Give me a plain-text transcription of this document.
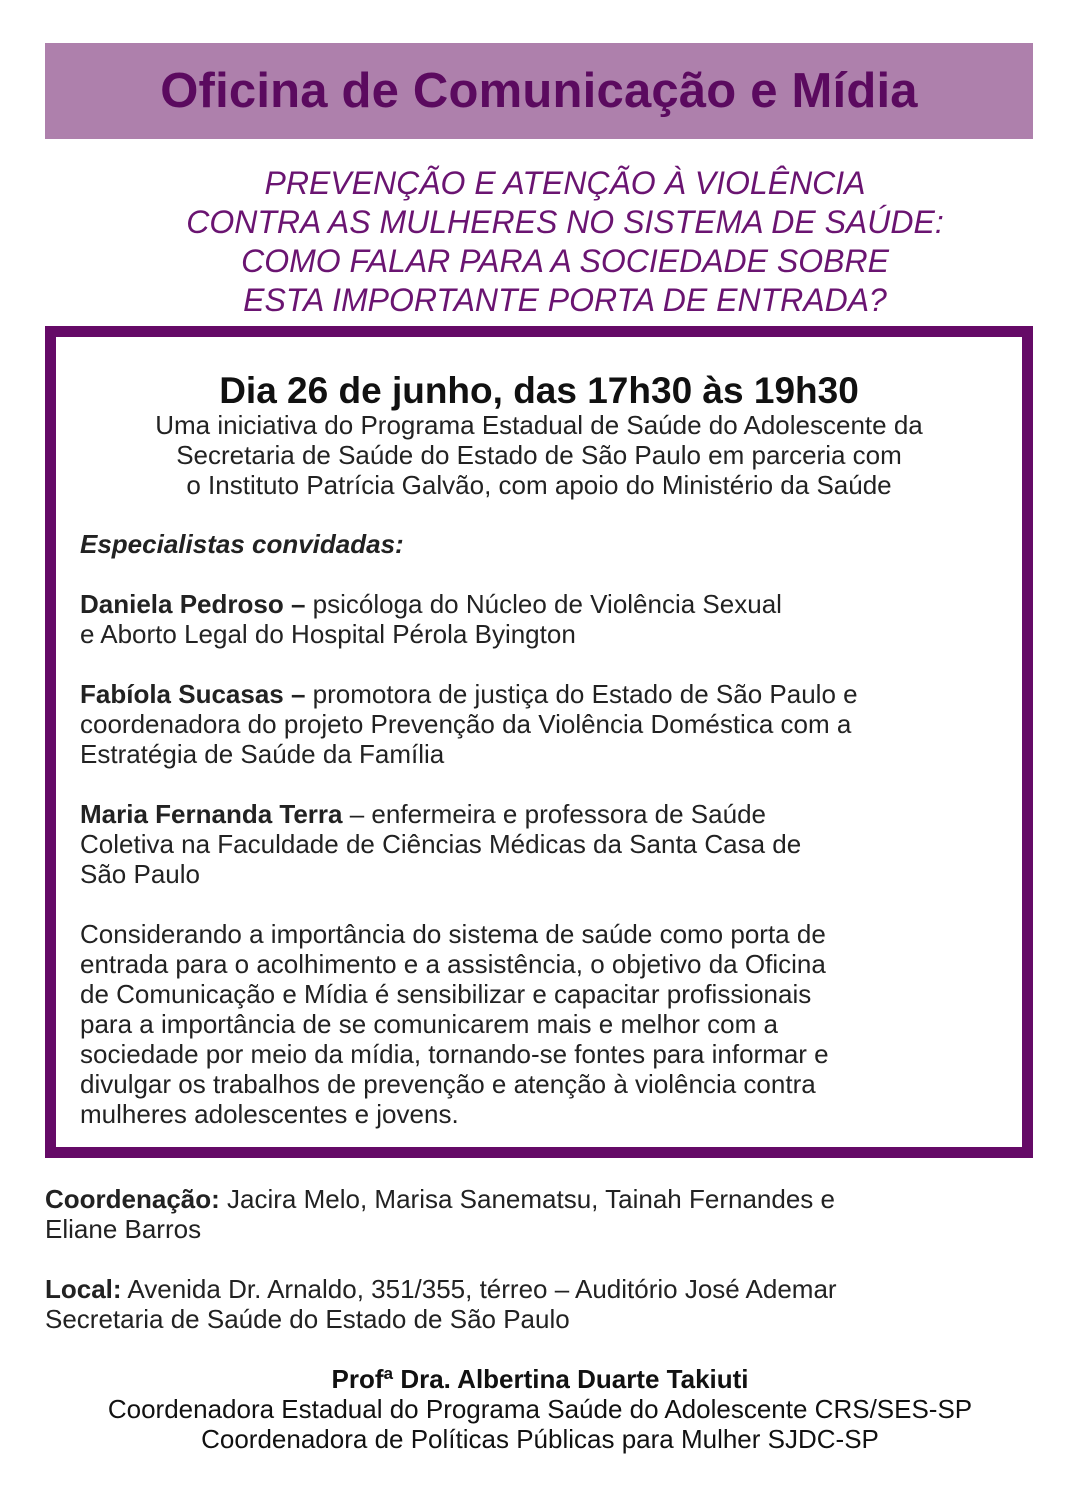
Oficina de Comunicação e Mídia
PREVENÇÃO E ATENÇÃO À VIOLÊNCIA
CONTRA AS MULHERES NO SISTEMA DE SAÚDE:
COMO FALAR PARA A SOCIEDADE SOBRE
ESTA IMPORTANTE PORTA DE ENTRADA?
Dia 26 de junho, das 17h30 às 19h30
Uma iniciativa do Programa Estadual de Saúde do Adolescente da
Secretaria de Saúde do Estado de São Paulo em parceria com
o Instituto Patrícia Galvão, com apoio do Ministério da Saúde
Especialistas convidadas:
Daniela Pedroso – psicóloga do Núcleo de Violência Sexual
e Aborto Legal do Hospital Pérola Byington
Fabíola Sucasas – promotora de justiça do Estado de São Paulo e
coordenadora do projeto Prevenção da Violência Doméstica com a
Estratégia de Saúde da Família
Maria Fernanda Terra – enfermeira e professora de Saúde
Coletiva na Faculdade de Ciências Médicas da Santa Casa de
São Paulo
Considerando a importância do sistema de saúde como porta de
entrada para o acolhimento e a assistência, o objetivo da Oficina
de Comunicação e Mídia é sensibilizar e capacitar profissionais
para a importância de se comunicarem mais e melhor com a
sociedade por meio da mídia, tornando-se fontes para informar e
divulgar os trabalhos de prevenção e atenção à violência contra
mulheres adolescentes e jovens.
Coordenação: Jacira Melo, Marisa Sanematsu, Tainah Fernandes e
Eliane Barros
Local: Avenida Dr. Arnaldo, 351/355, térreo – Auditório José Ademar
Secretaria de Saúde do Estado de São Paulo
Profª Dra. Albertina Duarte Takiuti
Coordenadora Estadual do Programa Saúde do Adolescente CRS/SES-SP
Coordenadora de Políticas Públicas para Mulher SJDC-SP
